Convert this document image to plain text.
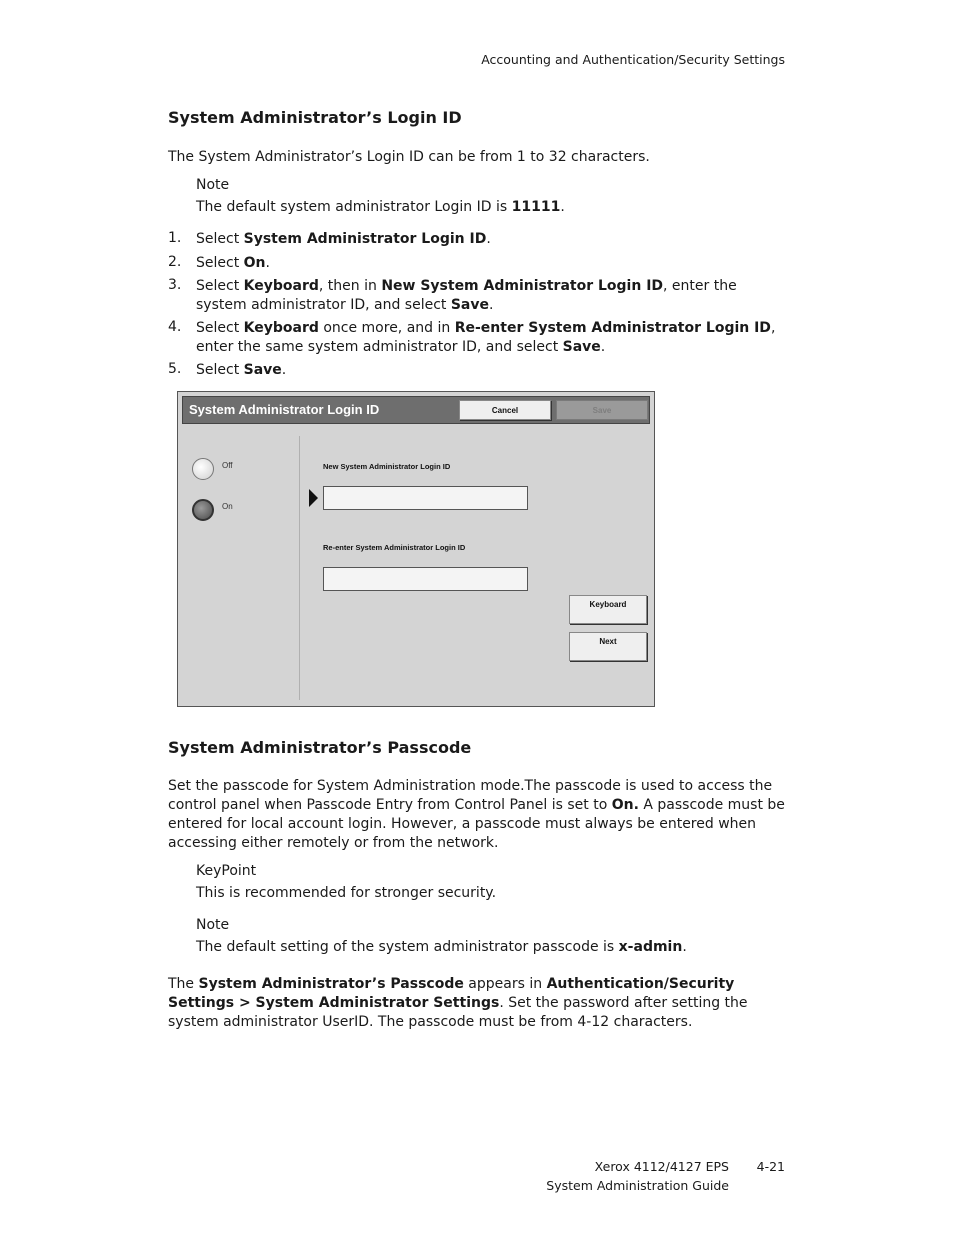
Accounting and Authentication/Security Settings
System Administrator’s Login ID
The System Administrator’s Login ID can be from 1 to 32 characters.
Note
The default system administrator Login ID is 11111.
1. Select System Administrator Login ID.
2. Select On.
3. Select Keyboard, then in New System Administrator Login ID, enter the system administrator ID, and select Save.
4. Select Keyboard once more, and in Re-enter System Administrator Login ID, enter the same system administrator ID, and select Save.
5. Select Save.
System Administrator Login ID	Cancel	Save
Off
On
New System Administrator Login ID
Re-enter System Administrator Login ID
Keyboard
Next
System Administrator’s Passcode
Set the passcode for System Administration mode.The passcode is used to access the control panel when Passcode Entry from Control Panel is set to On. A passcode must be entered for local account login. However, a passcode must always be entered when accessing either remotely or from the network.
KeyPoint
This is recommended for stronger security.
Note
The default setting of the system administrator passcode is x-admin.
The System Administrator’s Passcode appears in Authentication/Security Settings > System Administrator Settings. Set the password after setting the system administrator UserID. The passcode must be from 4-12 characters.
Xerox 4112/4127 EPS 4-21
System Administration Guide
